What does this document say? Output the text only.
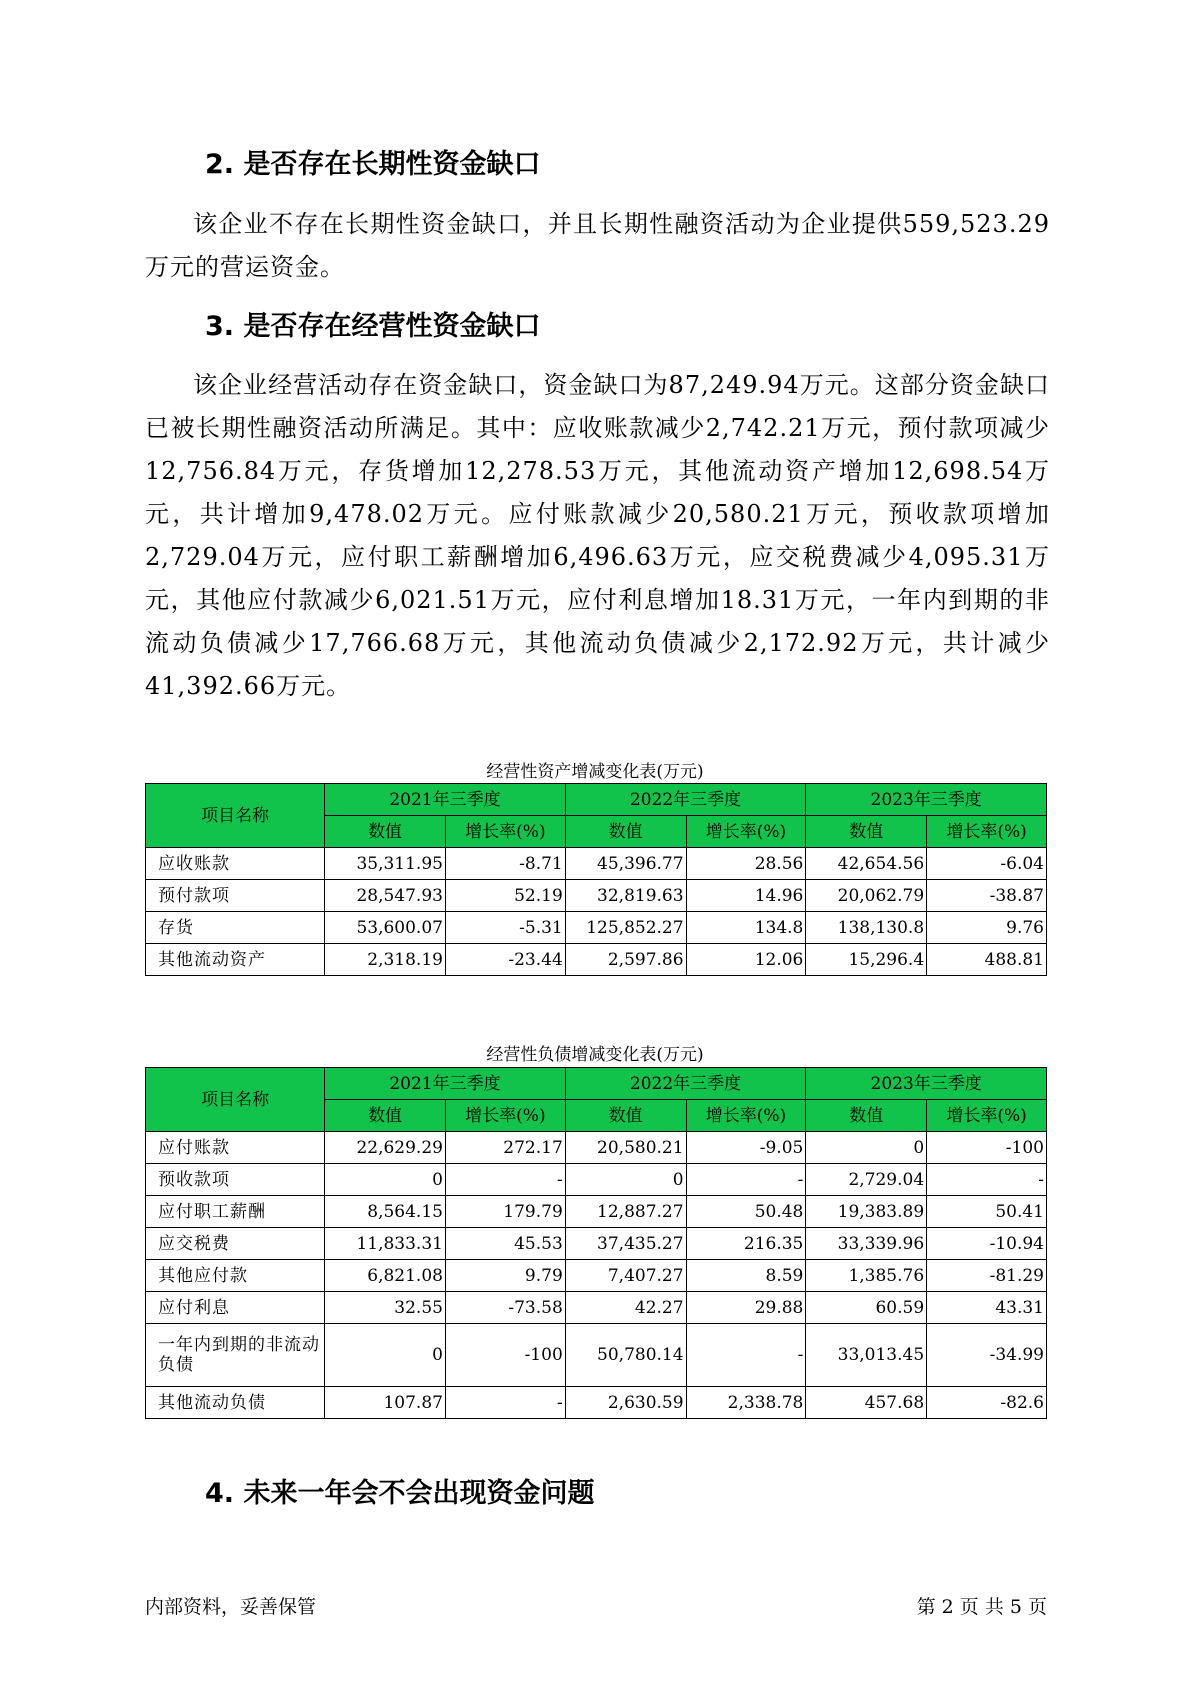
2. 是否存在长期性资金缺口

该企业不存在长期性资金缺口，并且长期性融资活动为企业提供559,523.29万元的营运资金。

3. 是否存在经营性资金缺口

该企业经营活动存在资金缺口，资金缺口为87,249.94万元。这部分资金缺口已被长期性融资活动所满足。其中：应收账款减少2,742.21万元，预付款项减少12,756.84万元，存货增加12,278.53万元，其他流动资产增加12,698.54万元，共计增加9,478.02万元。应付账款减少20,580.21万元，预收款项增加2,729.04万元，应付职工薪酬增加6,496.63万元，应交税费减少4,095.31万元，其他应付款减少6,021.51万元，应付利息增加18.31万元，一年内到期的非流动负债减少17,766.68万元，其他流动负债减少2,172.92万元，共计减少41,392.66万元。

经营性资产增减变化表(万元)

项目名称	2021年三季度		2022年三季度		2023年三季度	
	数值	增长率(%)	数值	增长率(%)	数值	增长率(%)
应收账款	35,311.95	-8.71	45,396.77	28.56	42,654.56	-6.04
预付款项	28,547.93	52.19	32,819.63	14.96	20,062.79	-38.87
存货	53,600.07	-5.31	125,852.27	134.8	138,130.8	9.76
其他流动资产	2,318.19	-23.44	2,597.86	12.06	15,296.4	488.81

经营性负债增减变化表(万元)

项目名称	2021年三季度		2022年三季度		2023年三季度	
	数值	增长率(%)	数值	增长率(%)	数值	增长率(%)
应付账款	22,629.29	272.17	20,580.21	-9.05	0	-100
预收款项	0	-	0	-	2,729.04	-
应付职工薪酬	8,564.15	179.79	12,887.27	50.48	19,383.89	50.41
应交税费	11,833.31	45.53	37,435.27	216.35	33,339.96	-10.94
其他应付款	6,821.08	9.79	7,407.27	8.59	1,385.76	-81.29
应付利息	32.55	-73.58	42.27	29.88	60.59	43.31
一年内到期的非流动负债	0	-100	50,780.14	-	33,013.45	-34.99
其他流动负债	107.87	-	2,630.59	2,338.78	457.68	-82.6
4. 未来一年会不会出现资金问题

内部资料，妥善保管	第 2 页 共 5 页
